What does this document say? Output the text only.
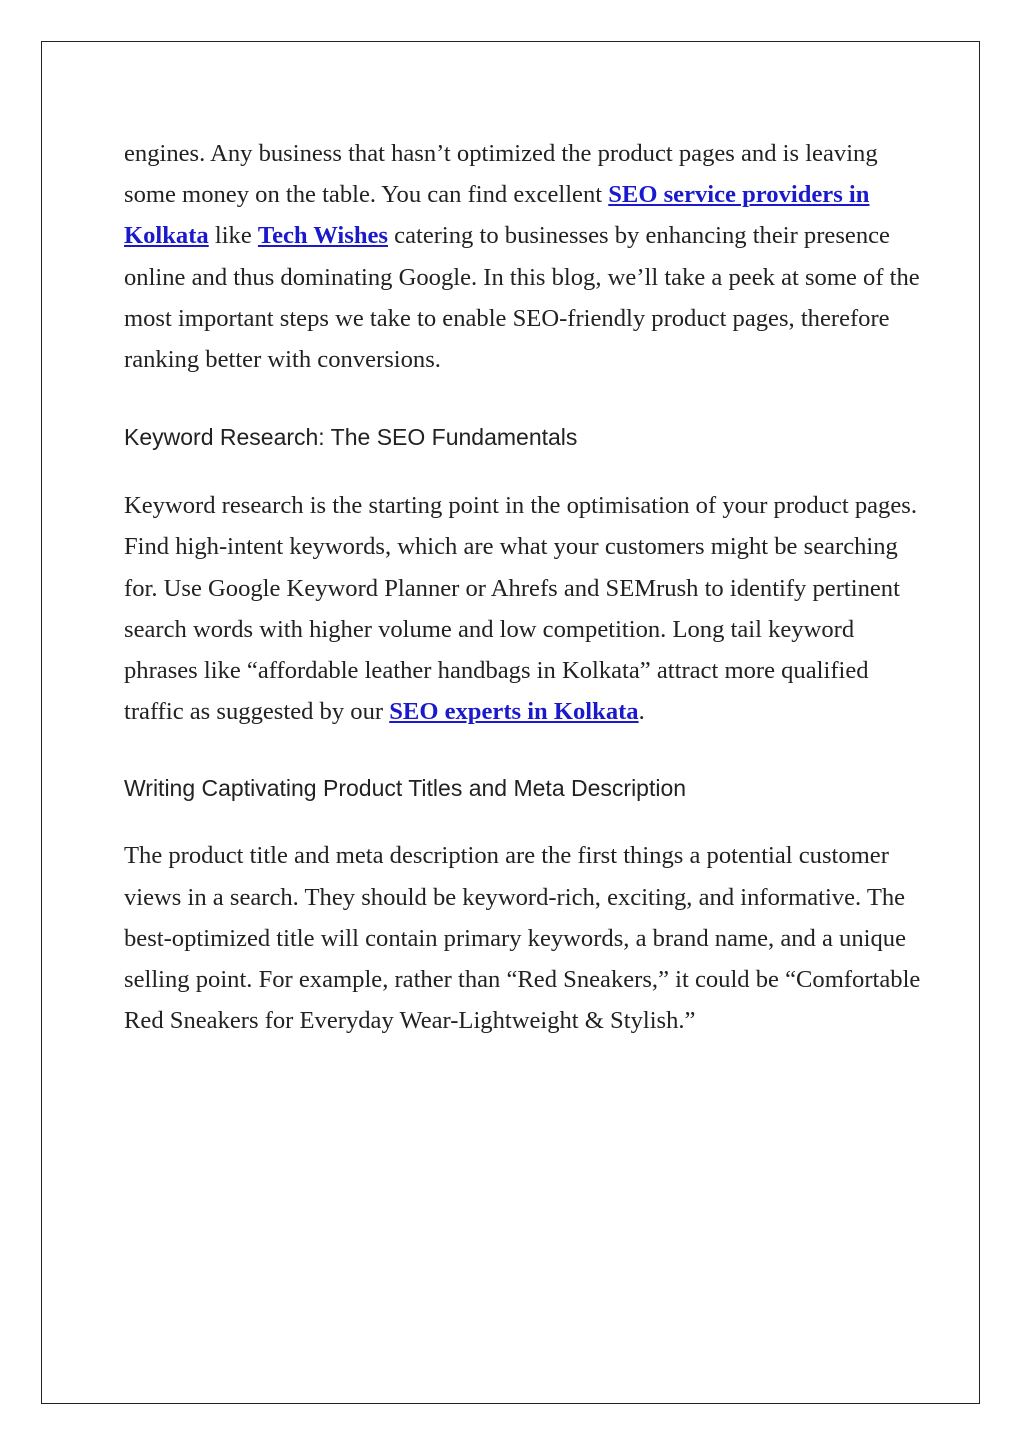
engines. Any business that hasn’t optimized the product pages and is leaving some money on the table. You can find excellent SEO service providers in Kolkata like Tech Wishes catering to businesses by enhancing their presence online and thus dominating Google. In this blog, we’ll take a peek at some of the most important steps we take to enable SEO-friendly product pages, therefore ranking better with conversions.

Keyword Research: The SEO Fundamentals

Keyword research is the starting point in the optimisation of your product pages. Find high-intent keywords, which are what your customers might be searching for. Use Google Keyword Planner or Ahrefs and SEMrush to identify pertinent search words with higher volume and low competition. Long tail keyword phrases like “affordable leather handbags in Kolkata” attract more qualified traffic as suggested by our SEO experts in Kolkata.

Writing Captivating Product Titles and Meta Description

The product title and meta description are the first things a potential customer views in a search. They should be keyword-rich, exciting, and informative. The best-optimized title will contain primary keywords, a brand name, and a unique selling point. For example, rather than “Red Sneakers,” it could be “Comfortable Red Sneakers for Everyday Wear-Lightweight & Stylish.”
